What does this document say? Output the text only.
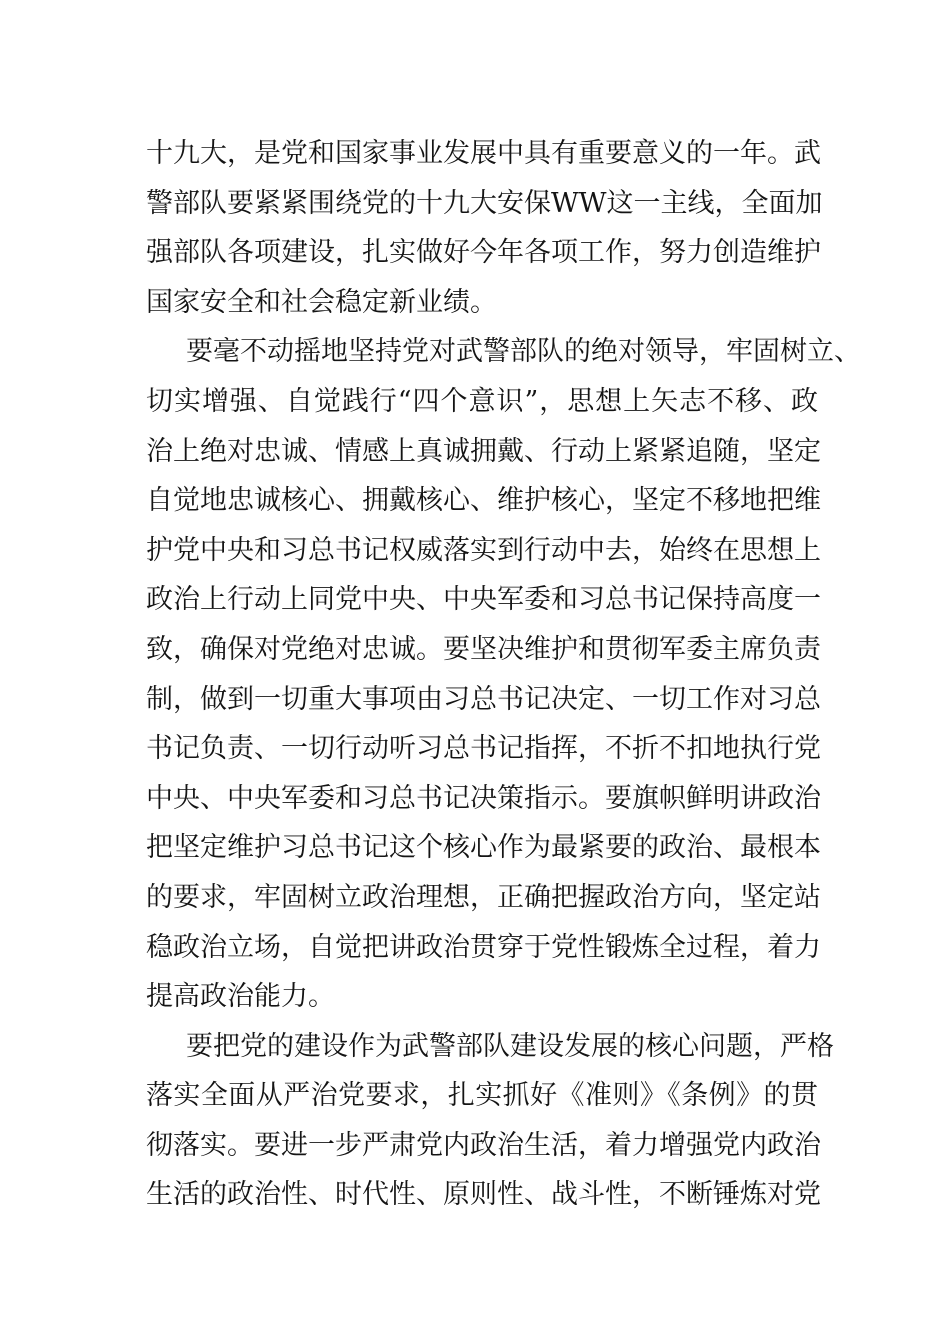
十九大，是党和国家事业发展中具有重要意义的一年。武
警部队要紧紧围绕党的十九大安保WW这一主线，全面加
强部队各项建设，扎实做好今年各项工作，努力创造维护
国家安全和社会稳定新业绩。
要毫不动摇地坚持党对武警部队的绝对领导，牢固树立、
切实增强、自觉践行“四个意识”，思想上矢志不移、政
治上绝对忠诚、情感上真诚拥戴、行动上紧紧追随，坚定
自觉地忠诚核心、拥戴核心、维护核心，坚定不移地把维
护党中央和习总书记权威落实到行动中去，始终在思想上
政治上行动上同党中央、中央军委和习总书记保持高度一
致，确保对党绝对忠诚。要坚决维护和贯彻军委主席负责
制，做到一切重大事项由习总书记决定、一切工作对习总
书记负责、一切行动听习总书记指挥，不折不扣地执行党
中央、中央军委和习总书记决策指示。要旗帜鲜明讲政治
把坚定维护习总书记这个核心作为最紧要的政治、最根本
的要求，牢固树立政治理想，正确把握政治方向，坚定站
稳政治立场，自觉把讲政治贯穿于党性锻炼全过程，着力
提高政治能力。
要把党的建设作为武警部队建设发展的核心问题，严格
落实全面从严治党要求，扎实抓好《准则》《条例》的贯
彻落实。要进一步严肃党内政治生活，着力增强党内政治
生活的政治性、时代性、原则性、战斗性，不断锤炼对党
